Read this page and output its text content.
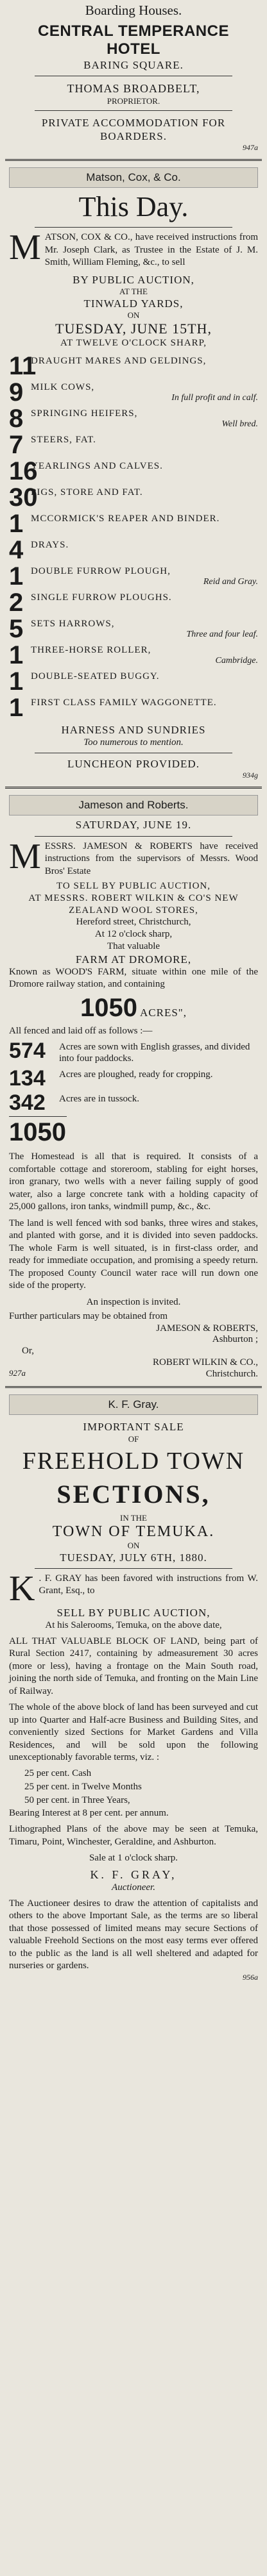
Boarding Houses.
CENTRAL TEMPERANCE HOTEL
BARING SQUARE.
THOMAS BROADBELT,
PROPRIETOR.
PRIVATE ACCOMMODATION FOR
BOARDERS.
947a
Matson, Cox, & Co.
This Day.
MATSON, COX & CO., have received instructions from Mr. Joseph Clark, as Trustee in the Estate of J. M. Smith, William Fleming, &c., to sell
BY PUBLIC AUCTION,
AT THE
TINWALD YARDS,
ON
TUESDAY, JUNE 15TH,
AT TWELVE O'CLOCK SHARP,
11
DRAUGHT MARES AND GELDINGS,
9 MILK COWS,
In full profit and in calf.
8 SPRINGING HEIFERS,
Well bred.
7 STEERS, FAT.
16
YEARLINGS AND CALVES.
30
PIGS, STORE AND FAT.
1 MCCORMICK'S REAPER AND BINDER.
4 DRAYS.
1 DOUBLE FURROW PLOUGH,
Reid and Gray.
2 SINGLE FURROW PLOUGHS.
5 SETS HARROWS,
Three and four leaf.
1 THREE-HORSE ROLLER,
Cambridge.
1 DOUBLE-SEATED BUGGY.
1 FIRST CLASS FAMILY WAGGONETTE.
HARNESS AND SUNDRIES
Too numerous to mention.
LUNCHEON PROVIDED.
934g
Jameson and Roberts.
SATURDAY, JUNE 19.
MESSRS. JAMESON & ROBERTS have received instructions from the supervisors of Messrs. Wood Bros' Estate
TO SELL BY PUBLIC AUCTION,
AT MESSRS. ROBERT WILKIN & CO'S NEW ZEALAND WOOL STORES,
Hereford street, Christchurch,
At 12 o'clock sharp,
That valuable
FARM AT DROMORE,
Known as WOOD'S FARM, situate within one mile of the Dromore railway station, and containing
1050 ACRES",
All fenced and laid off as follows :—
574	Acres are sown with English grasses, and divided into four paddocks.
134	Acres are ploughed, ready for cropping.
342	Acres are in tussock.
1050
The Homestead is all that is required. It consists of a comfortable cottage and storeroom, stabling for eight horses, iron granary, two wells with a never failing supply of good water, also a large concrete tank with a holding capacity of 25,000 gallons, iron tanks, windmill pump, &c., &c.
The land is well fenced with sod banks, three wires and stakes, and planted with gorse, and it is divided into seven paddocks. The whole Farm is well situated, is in first-class order, and ready for immediate occupation, and promising a speedy return. The proposed County Council water race will run down one side of the property.
An inspection is invited.
Further particulars may be obtained from
JAMESON & ROBERTS,
Ashburton ;
Or,
ROBERT WILKIN & CO.,
927a	Christchurch.
K. F. Gray.
IMPORTANT SALE
OF
FREEHOLD TOWN
SECTIONS,
IN THE
TOWN OF TEMUKA.
ON
TUESDAY, JULY 6TH, 1880.
K . F. GRAY has been favored with instructions from W. Grant, Esq., to
SELL BY PUBLIC AUCTION,
At his Salerooms, Temuka, on the above date,
ALL THAT VALUABLE BLOCK OF LAND, being part of Rural Section 2417, containing by admeasurement 30 acres (more or less), having a frontage on the Main South road, joining the north side of Temuka, and fronting on the Main Line of Railway.
The whole of the above block of land has been surveyed and cut up into Quarter and Half-acre Business and Building Sites, and conveniently sized Sections for Market Gardens and Villa Residences, and will be sold upon the following unexceptionably favorable terms, viz. :
25 per cent. Cash
25 per cent. in Twelve Months
50 per cent. in Three Years,
Bearing Interest at 8 per cent. per annum.
Lithographed Plans of the above may be seen at Temuka, Timaru, Point, Winchester, Geraldine, and Ashburton.
Sale at 1 o'clock sharp.
K. F. GRAY,
Auctioneer.
The Auctioneer desires to draw the attention of capitalists and others to the above Important Sale, as the terms are so liberal that those possessed of limited means may secure Sections of valuable Freehold Sections on the most easy terms ever offered to the public as the land is all well sheltered and adapted for nurseries or gardens.
956a
